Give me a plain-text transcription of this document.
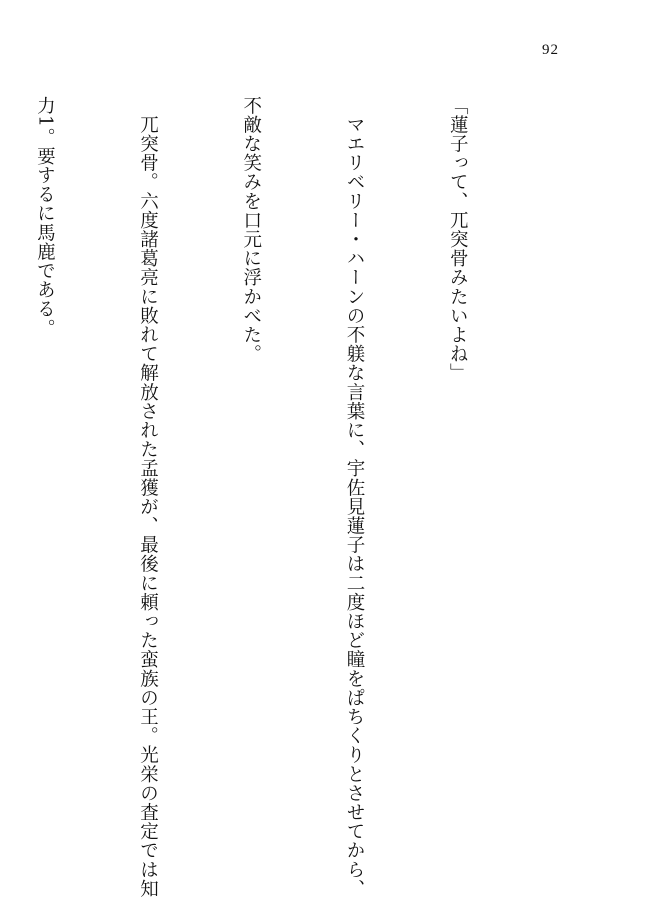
92

「蓮子って、兀突骨みたいよね」

　マエリベリー・ハーンの不躾な言葉に、宇佐見蓮子は二度ほど瞳をぱちくりとさせてから、

不敵な笑みを口元に浮かべた。

　兀突骨。六度諸葛亮に敗れて解放された孟獲が、最後に頼った蛮族の王。光栄の査定では知

力1。要するに馬鹿である。
